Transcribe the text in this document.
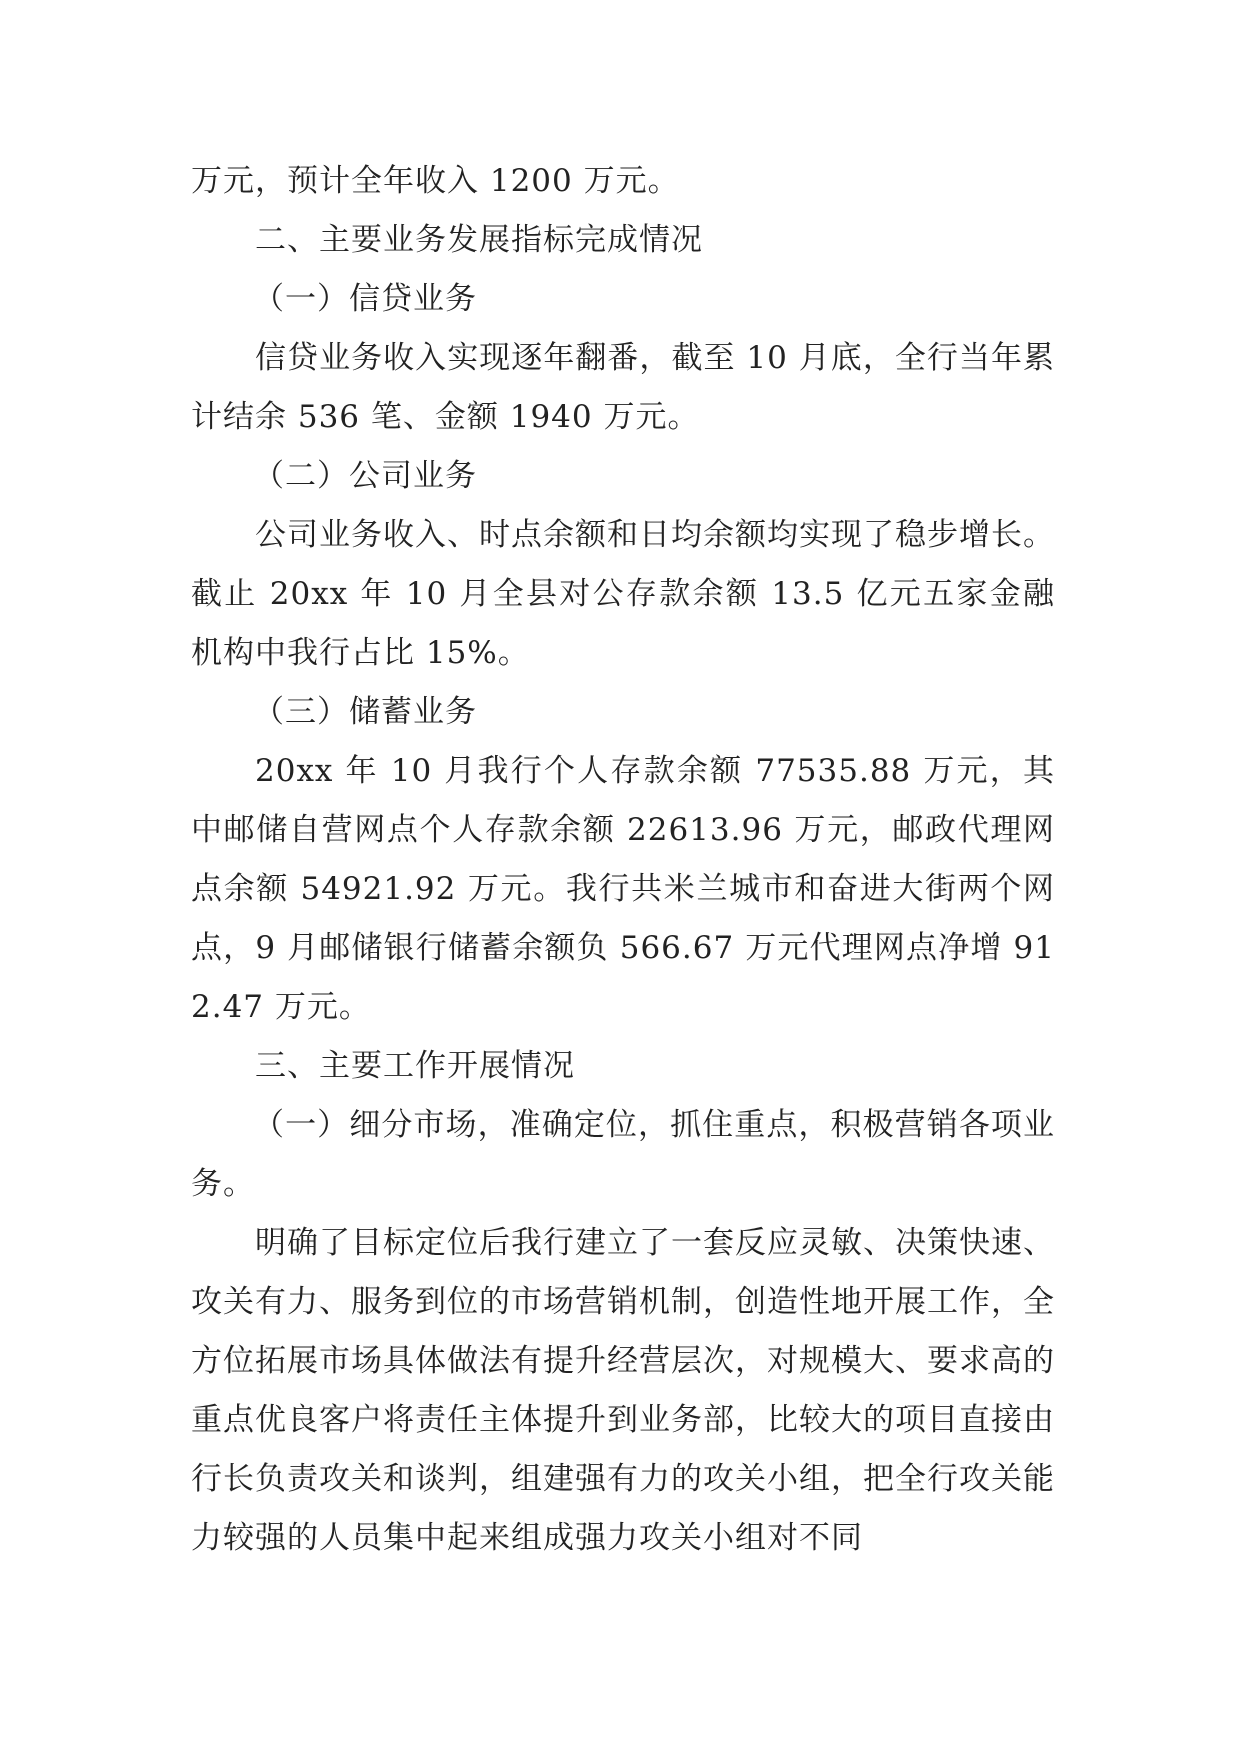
万元，预计全年收入 1200 万元。

二、主要业务发展指标完成情况

（一）信贷业务

信贷业务收入实现逐年翻番，截至 10 月底，全行当年累计结余 536 笔、金额 1940 万元。

（二）公司业务

公司业务收入、时点余额和日均余额均实现了稳步增长。截止 20xx 年 10 月全县对公存款余额 13.5 亿元五家金融机构中我行占比 15%。

（三）储蓄业务

20xx 年 10 月我行个人存款余额 77535.88 万元，其中邮储自营网点个人存款余额 22613.96 万元，邮政代理网点余额 54921.92 万元。我行共米兰城市和奋进大街两个网点，9 月邮储银行储蓄余额负 566.67 万元代理网点净增 912.47 万元。

三、主要工作开展情况

（一）细分市场，准确定位，抓住重点，积极营销各项业务。

明确了目标定位后我行建立了一套反应灵敏、决策快速、攻关有力、服务到位的市场营销机制，创造性地开展工作，全方位拓展市场具体做法有提升经营层次，对规模大、要求高的重点优良客户将责任主体提升到业务部，比较大的项目直接由行长负责攻关和谈判，组建强有力的攻关小组，把全行攻关能力较强的人员集中起来组成强力攻关小组对不同
